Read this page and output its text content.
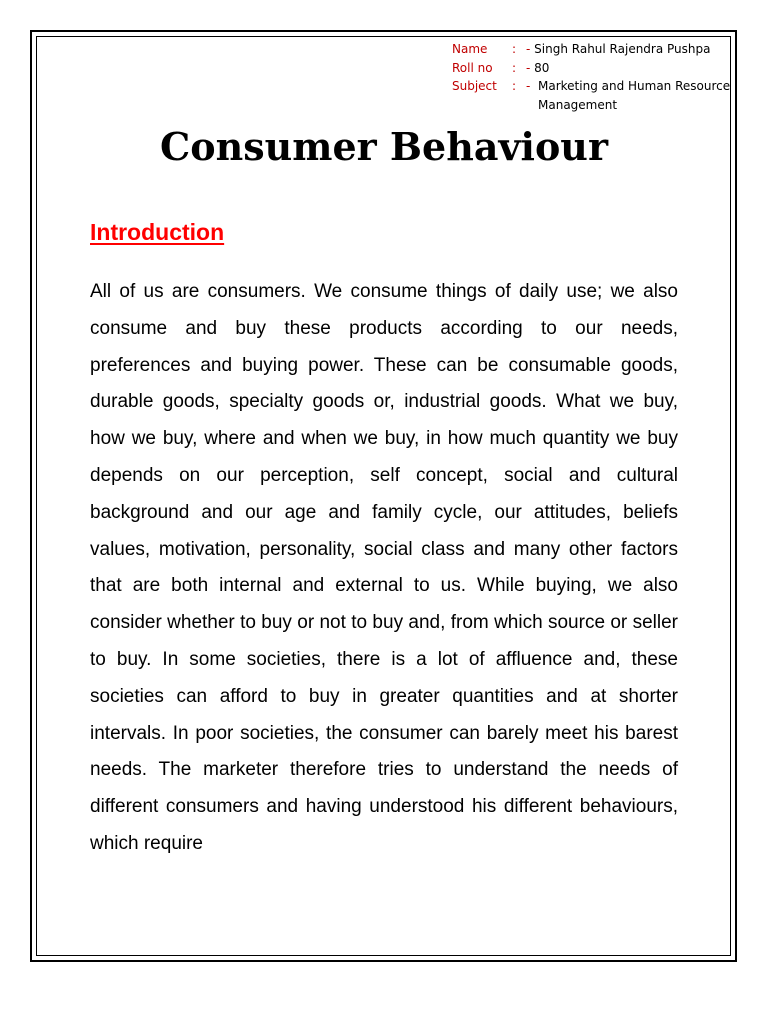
Name	: - Singh Rahul Rajendra Pushpa
Roll no	: - 80
Subject	: - Marketing and Human Resource Management
Consumer Behaviour
Introduction

All of us are consumers. We consume things of daily use; we also consume and buy these products according to our needs, preferences and buying power. These can be consumable goods, durable goods, specialty goods or, industrial goods. What we buy, how we buy, where and when we buy, in how much quantity we buy depends on our perception, self concept, social and cultural background and our age and family cycle, our attitudes, beliefs values, motivation, personality, social class and many other factors that are both internal and external to us. While buying, we also consider whether to buy or not to buy and, from which source or seller to buy. In some societies, there is a lot of affluence and, these societies can afford to buy in greater quantities and at shorter intervals. In poor societies, the consumer can barely meet his barest needs. The marketer therefore tries to understand the needs of different consumers and having understood his different behaviours, which require
